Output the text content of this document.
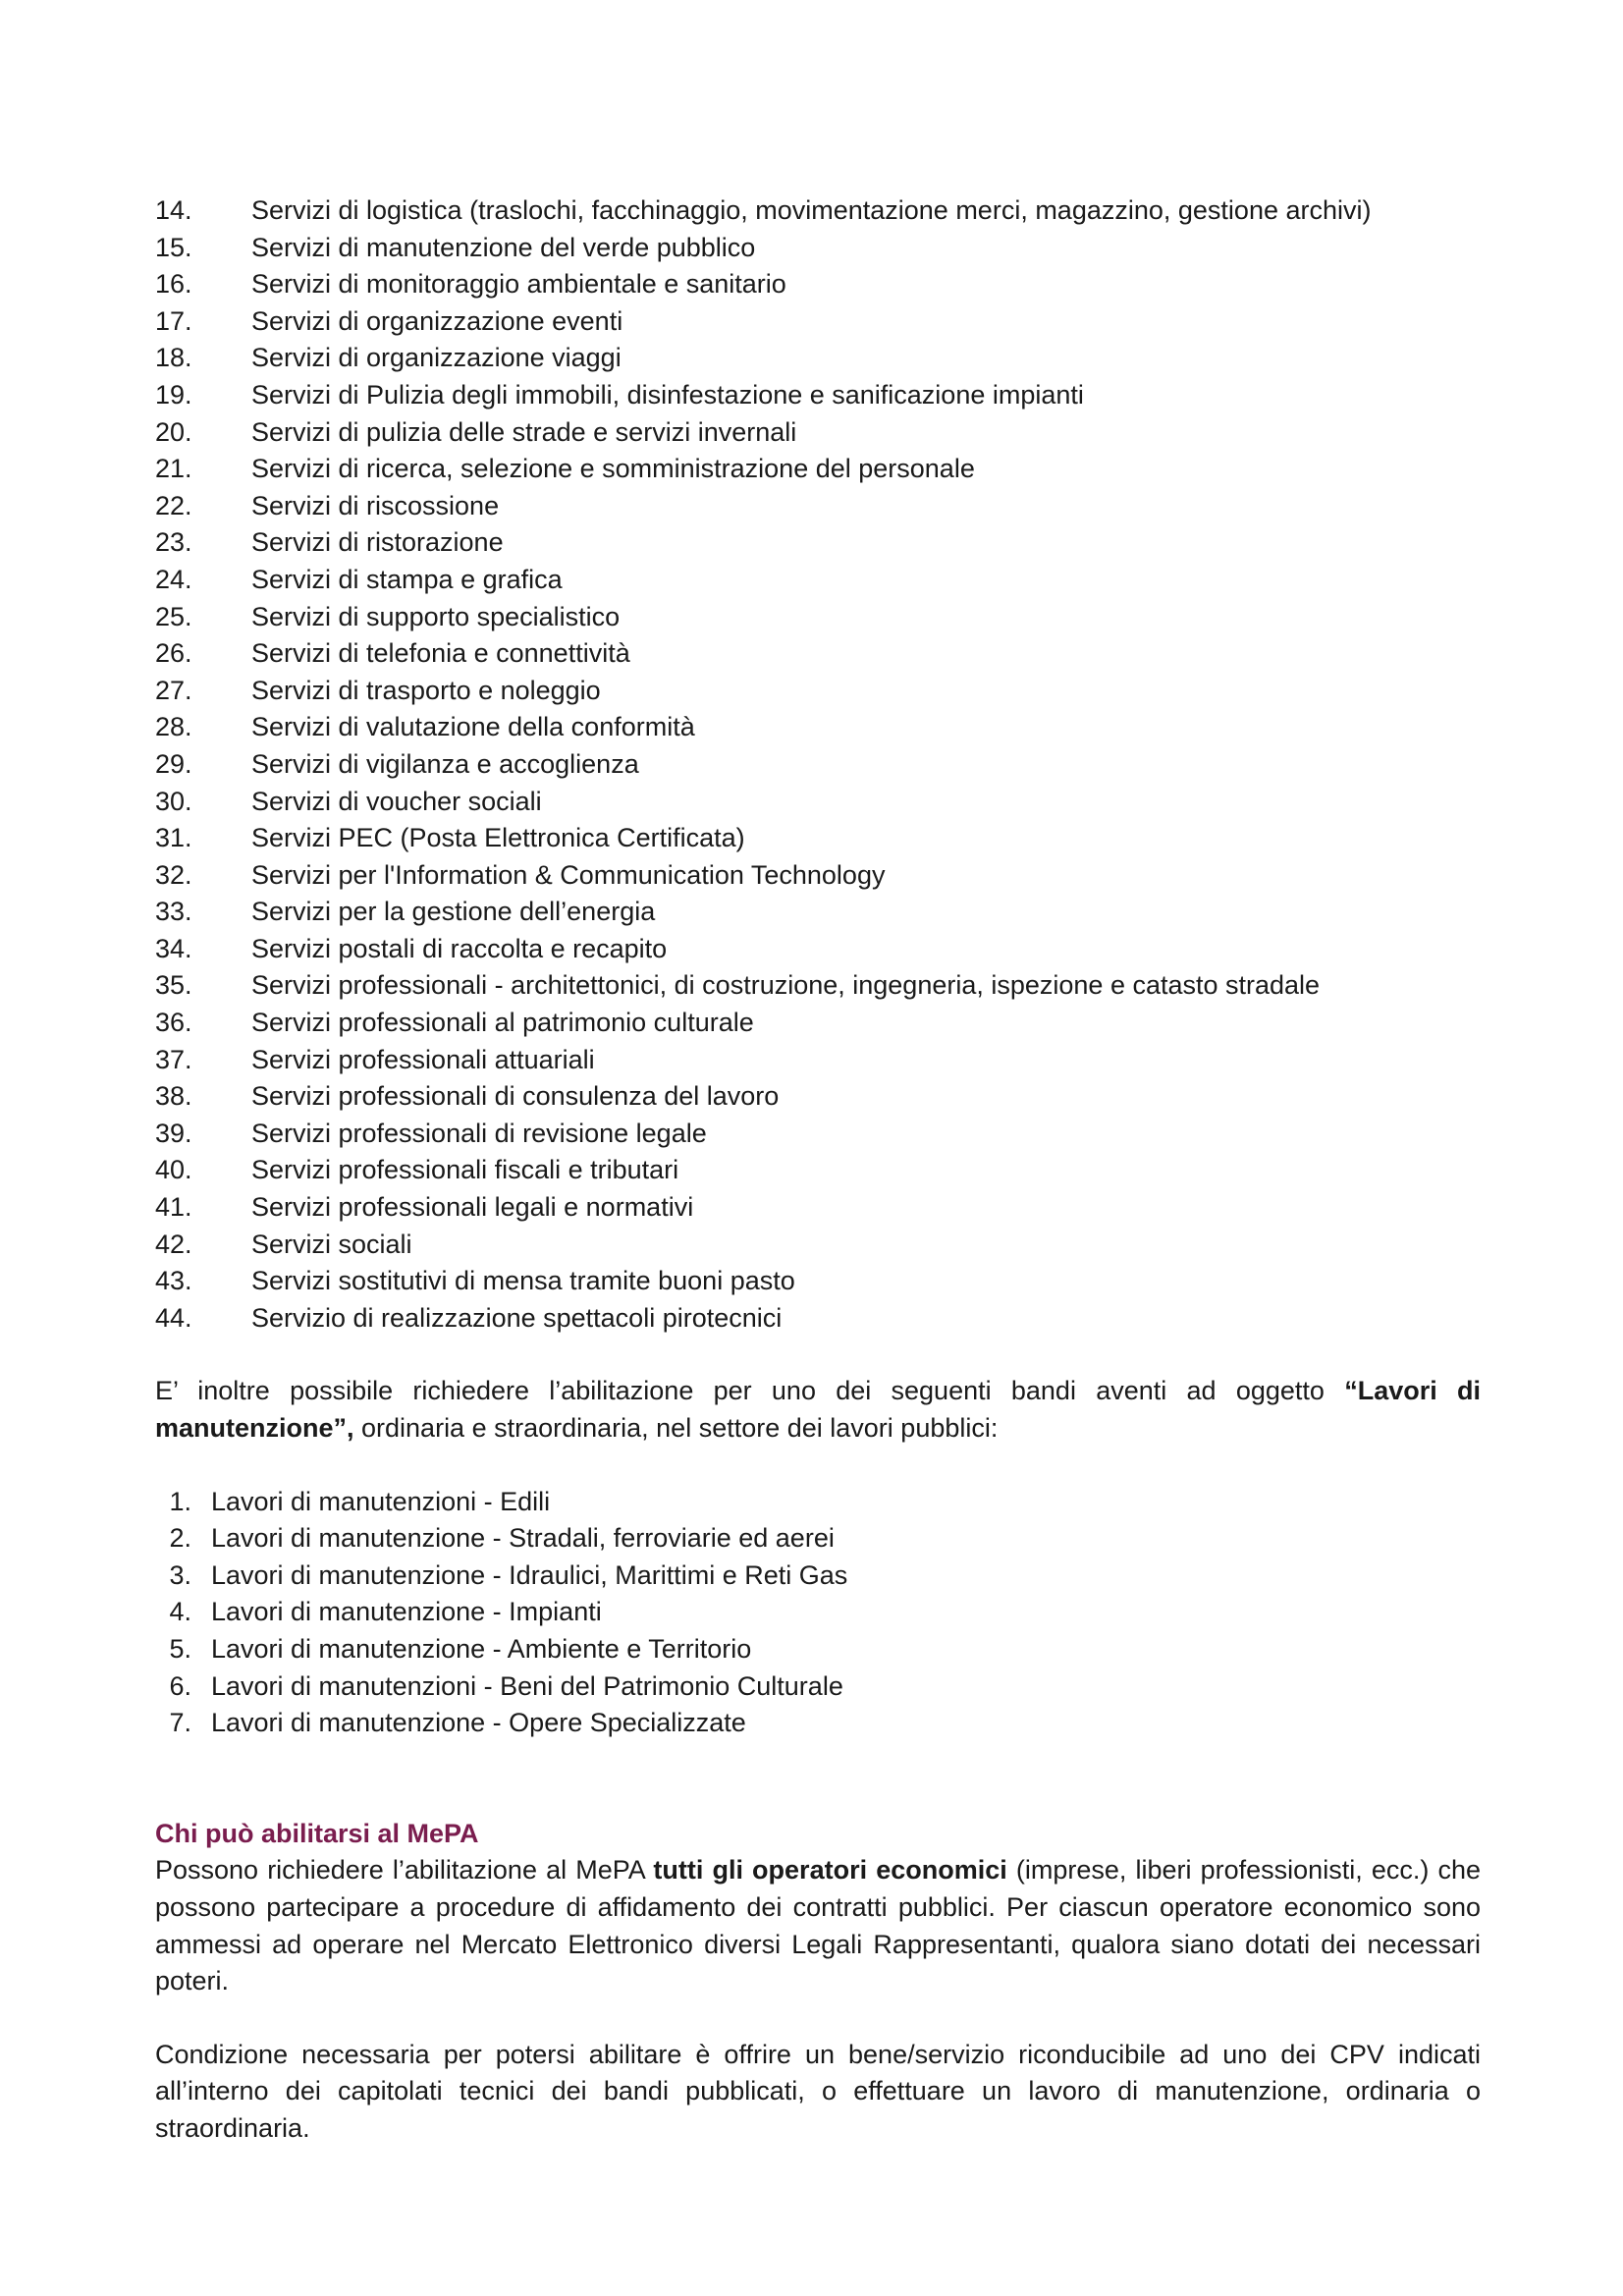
14.	Servizi di logistica (traslochi, facchinaggio, movimentazione merci, magazzino, gestione archivi)
15.	Servizi di manutenzione del verde pubblico
16.	Servizi di monitoraggio ambientale e sanitario
17.	Servizi di organizzazione eventi
18.	Servizi di organizzazione viaggi
19.	Servizi di Pulizia degli immobili, disinfestazione e sanificazione impianti
20.	Servizi di pulizia delle strade e servizi invernali
21.	Servizi di ricerca, selezione e somministrazione del personale
22.	Servizi di riscossione
23.	Servizi di ristorazione
24.	Servizi di stampa e grafica
25.	Servizi di supporto specialistico
26.	Servizi di telefonia e connettività
27.	Servizi di trasporto e noleggio
28.	Servizi di valutazione della conformità
29.	Servizi di vigilanza e accoglienza
30.	Servizi di voucher sociali
31.	Servizi PEC (Posta Elettronica Certificata)
32.	Servizi per l'Information & Communication Technology
33.	Servizi per la gestione dell’energia
34.	Servizi postali di raccolta e recapito
35.	Servizi professionali - architettonici, di costruzione, ingegneria, ispezione e catasto stradale
36.	Servizi professionali al patrimonio culturale
37.	Servizi professionali attuariali
38.	Servizi professionali di consulenza del lavoro
39.	Servizi professionali di revisione legale
40.	Servizi professionali fiscali e tributari
41.	Servizi professionali legali e normativi
42.	Servizi sociali
43.	Servizi sostitutivi di mensa tramite buoni pasto
44.	Servizio di realizzazione spettacoli pirotecnici

E’ inoltre possibile richiedere l’abilitazione per uno dei seguenti bandi aventi ad oggetto “Lavori di manutenzione”, ordinaria e straordinaria, nel settore dei lavori pubblici:

1. Lavori di manutenzioni - Edili
2. Lavori di manutenzione - Stradali, ferroviarie ed aerei
3. Lavori di manutenzione - Idraulici, Marittimi e Reti Gas
4. Lavori di manutenzione - Impianti
5. Lavori di manutenzione - Ambiente e Territorio
6. Lavori di manutenzioni - Beni del Patrimonio Culturale
7. Lavori di manutenzione - Opere Specializzate
Chi può abilitarsi al MePA

Possono richiedere l’abilitazione al MePA tutti gli operatori economici (imprese, liberi professionisti, ecc.) che possono partecipare a procedure di affidamento dei contratti pubblici. Per ciascun operatore economico sono ammessi ad operare nel Mercato Elettronico diversi Legali Rappresentanti, qualora siano dotati dei necessari poteri.

Condizione necessaria per potersi abilitare è offrire un bene/servizio riconducibile ad uno dei CPV indicati all’interno dei capitolati tecnici dei bandi pubblicati, o effettuare un lavoro di manutenzione, ordinaria o straordinaria.
